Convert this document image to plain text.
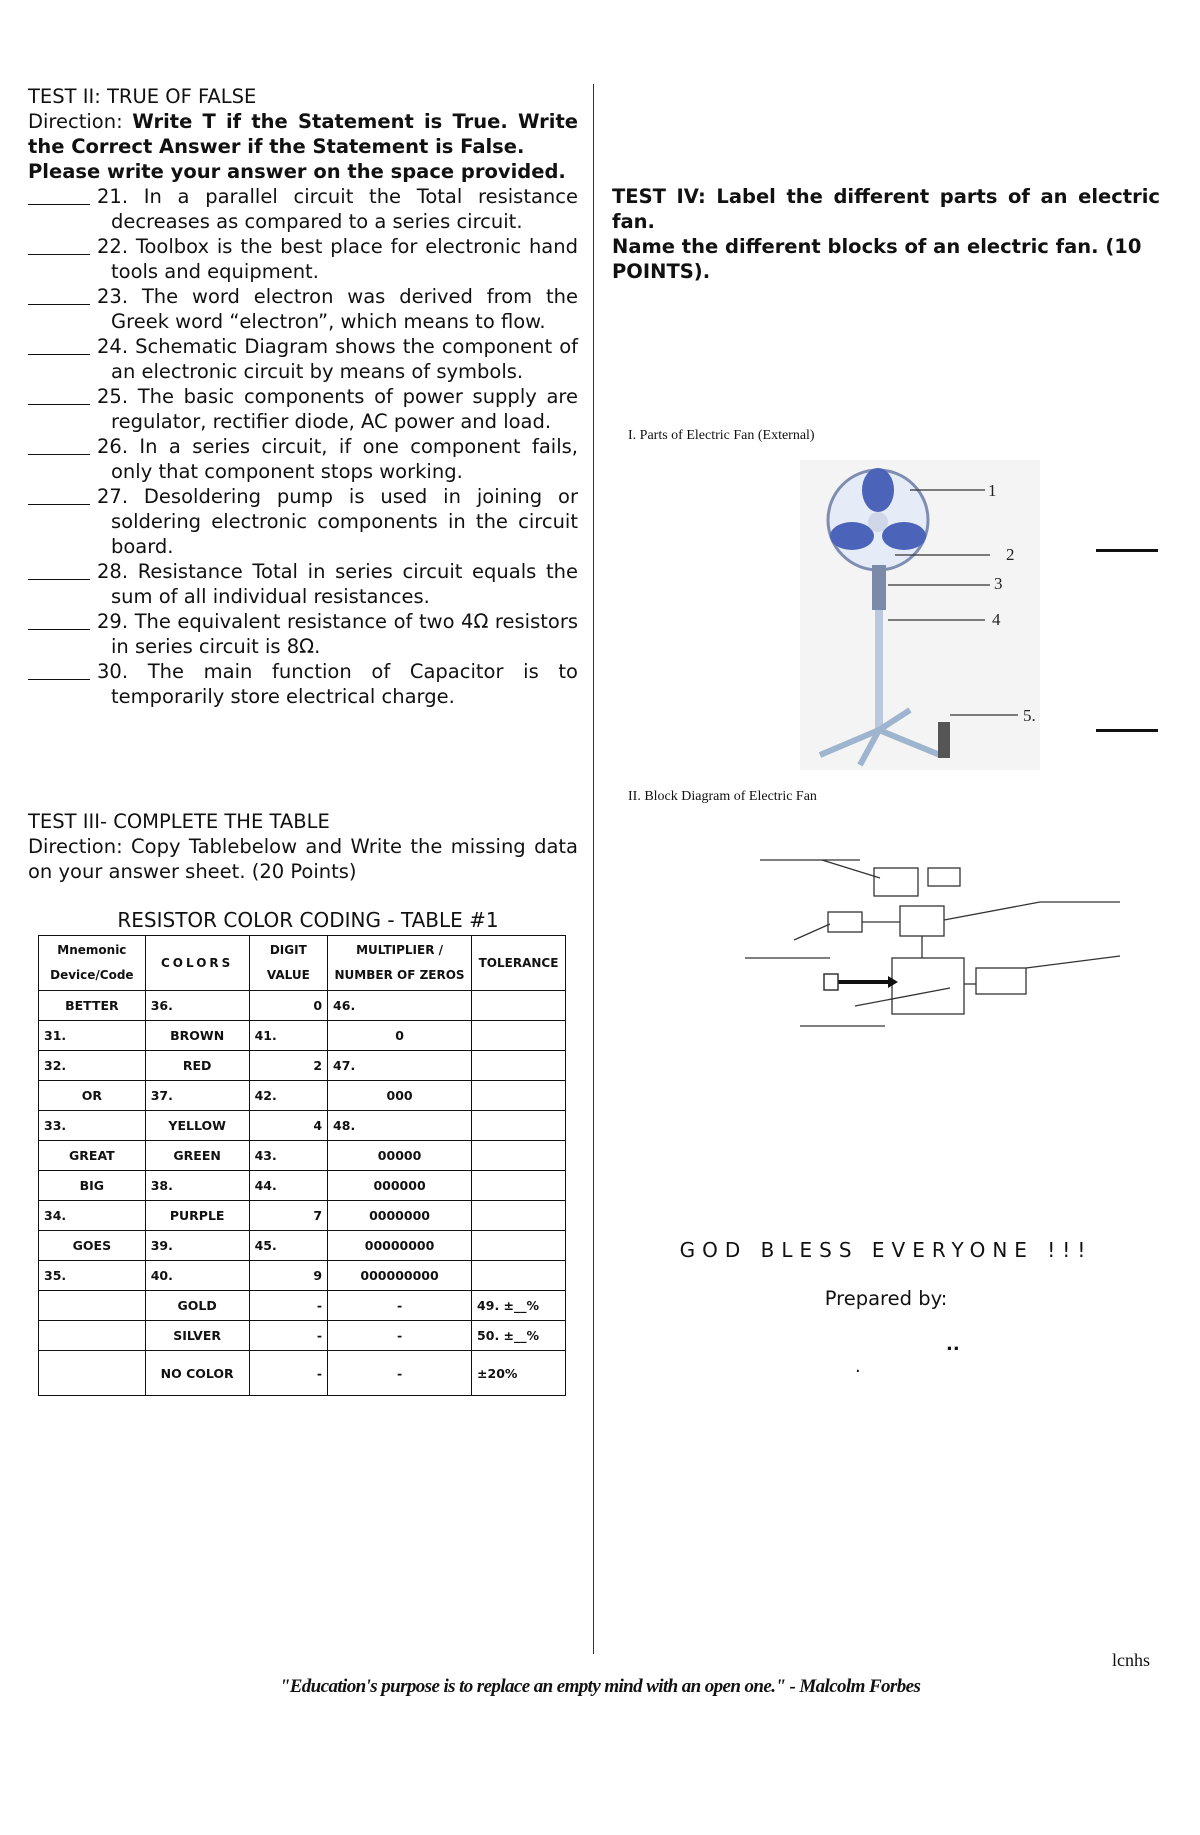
TEST II: TRUE OF FALSE
Direction: Write T if the Statement is True. Write the Correct Answer if the Statement is False.
Please write your answer on the space provided.
21. In a parallel circuit the Total resistance decreases as compared to a series circuit.
22. Toolbox is the best place for electronic hand tools and equipment.
23. The word electron was derived from the Greek word “electron”, which means to flow.
24. Schematic Diagram shows the component of an electronic circuit by means of symbols.
25. The basic components of power supply are regulator, rectifier diode, AC power and load.
26. In a series circuit, if one component fails, only that component stops working.
27. Desoldering pump is used in joining or soldering electronic components in the circuit board.
28. Resistance Total in series circuit equals the sum of all individual resistances.
29. The equivalent resistance of two 4Ω resistors in series circuit is 8Ω.
30. The main function of Capacitor is to temporarily store electrical charge.
TEST III- COMPLETE THE TABLE
Direction: Copy Tablebelow and Write the missing data on your answer sheet. (20 Points)
RESISTOR COLOR CODING - TABLE #1
Mnemonic Device/Code	COLORS	DIGIT VALUE	MULTIPLIER / NUMBER OF ZEROS	TOLERANCE
BETTER	36.	0	46.	
31.	BROWN	41.	0	
32.	RED	2	47.	
OR	37.	42.	000	
33.	YELLOW	4	48.	
GREAT	GREEN	43.	00000	
BIG	38.	44.	000000	
34.	PURPLE	7	0000000	
GOES	39.	45.	00000000	
35.	40.	9	000000000	
	GOLD	-	-	49. ±__%
	SILVER	-	-	50. ±__%
	NO COLOR	-	-	±20%
TEST IV: Label the different parts of an electric fan.
Name the different blocks of an electric fan. (10 POINTS).
I. Parts of Electric Fan (External)
1
2
3
4
5.
II. Block Diagram of Electric Fan
GOD BLESS EVERYONE !!!
Prepared by:
..
.
lcnhs
"Education's purpose is to replace an empty mind with an open one." - Malcolm Forbes
